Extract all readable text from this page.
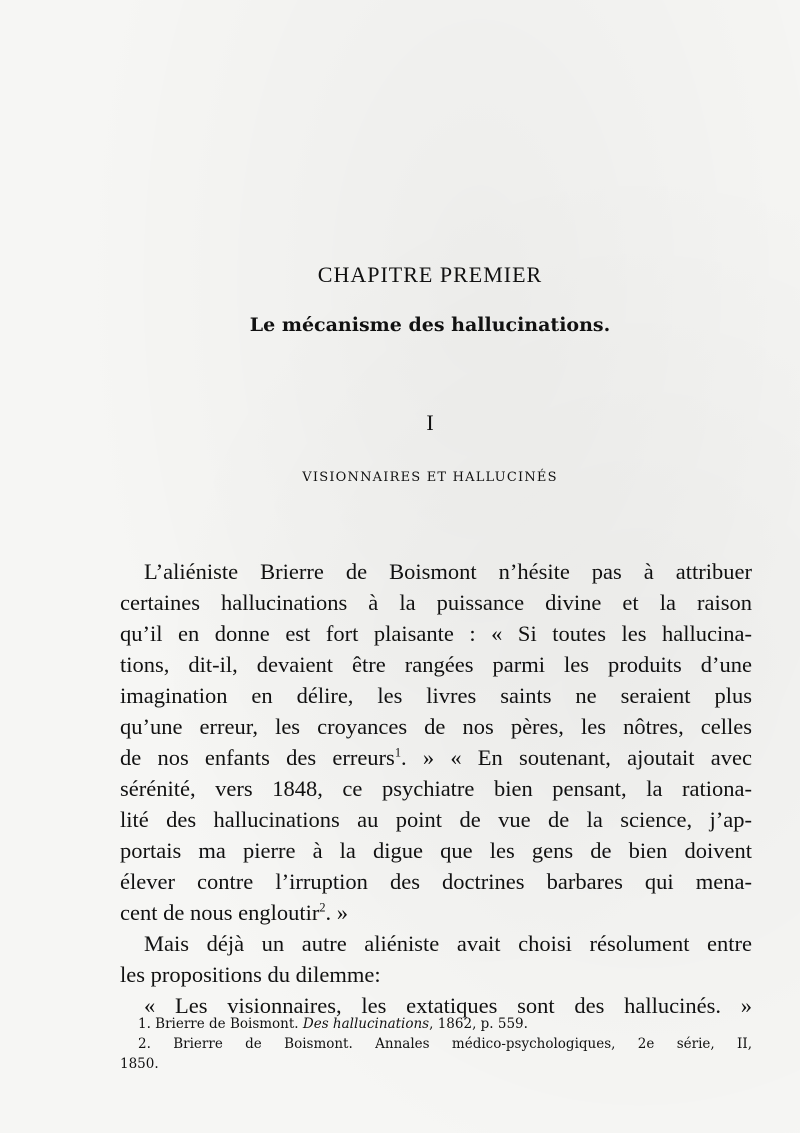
CHAPITRE PREMIER
Le mécanisme des hallucinations.
I
VISIONNAIRES ET HALLUCINÉS
L’aliéniste Brierre de Boismont n’hésite pas à attribuer
certaines hallucinations à la puissance divine et la raison
qu’il en donne est fort plaisante : « Si toutes les hallucina-
tions, dit-il, devaient être rangées parmi les produits d’une
imagination en délire, les livres saints ne seraient plus
qu’une erreur, les croyances de nos pères, les nôtres, celles
de nos enfants des erreurs$^1$. » « En soutenant, ajoutait avec
sérénité, vers 1848, ce psychiatre bien pensant, la rationa-
lité des hallucinations au point de vue de la science, j’ap-
portais ma pierre à la digue que les gens de bien doivent
élever contre l’irruption des doctrines barbares qui mena-
cent de nous engloutir$^2$. »
Mais déjà un autre aliéniste avait choisi résolument entre
les propositions du dilemme:
« Les visionnaires, les extatiques sont des hallucinés. »
1. Brierre de Boismont. Des hallucinations, 1862, p. 559.
2. Brierre de Boismont. Annales médico-psychologiques, 2e série, II,
1850.
